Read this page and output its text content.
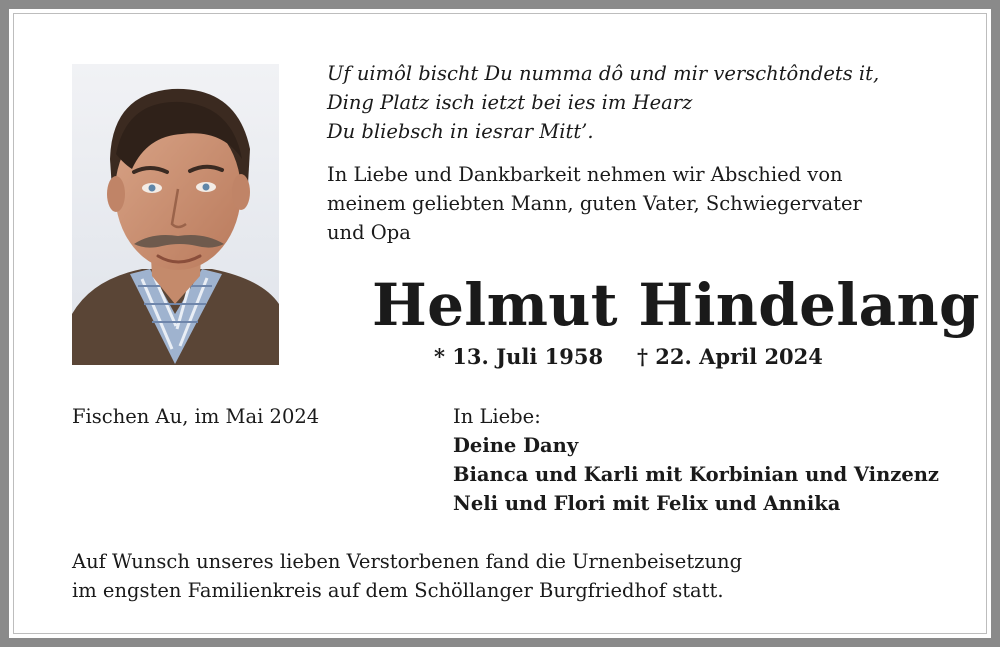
Uf uimôl bischt Du numma dô und mir verschtôndets it,
Ding Platz isch ietzt bei ies im Hearz
Du bliebsch in iesrar Mitt’.
In Liebe und Dankbarkeit nehmen wir Abschied von
meinem geliebten Mann, guten Vater, Schwiegervater
und Opa
Helmut Hindelang
* 13. Juli 1958 † 22. April 2024
Fischen Au, im Mai 2024	In Liebe:
Deine Dany
Bianca und Karli mit Korbinian und Vinzenz
Neli und Flori mit Felix und Annika
Auf Wunsch unseres lieben Verstorbenen fand die Urnenbeisetzung
im engsten Familienkreis auf dem Schöllanger Burgfriedhof statt.
